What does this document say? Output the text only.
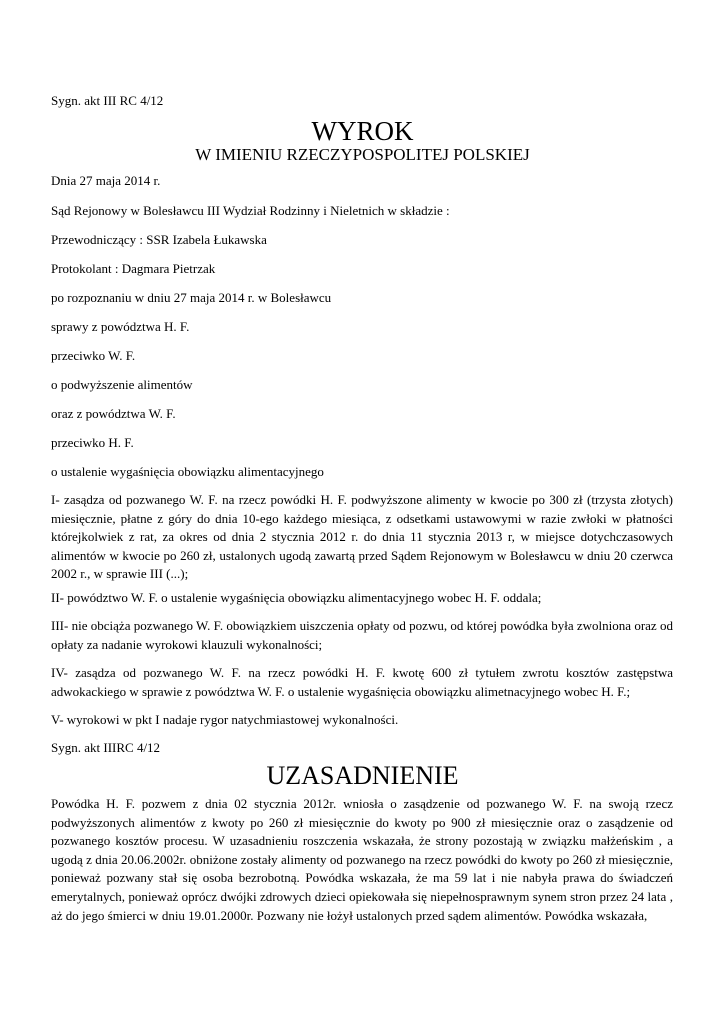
Sygn. akt III RC 4/12
WYROK
W IMIENIU RZECZYPOSPOLITEJ POLSKIEJ
Dnia 27 maja 2014 r.
Sąd Rejonowy w Bolesławcu III Wydział Rodzinny i Nieletnich w składzie :
Przewodniczący : SSR Izabela Łukawska
Protokolant : Dagmara Pietrzak
po rozpoznaniu w dniu 27 maja 2014 r. w Bolesławcu
sprawy z powództwa H. F.
przeciwko W. F.
o podwyższenie alimentów
oraz z powództwa W. F.
przeciwko H. F.
o ustalenie wygaśnięcia obowiązku alimentacyjnego
I- zasądza od pozwanego W. F. na rzecz powódki H. F. podwyższone alimenty w kwocie po 300 zł (trzysta złotych) miesięcznie, płatne z góry do dnia 10-ego każdego miesiąca, z odsetkami ustawowymi w razie zwłoki w płatności którejkolwiek z rat, za okres od dnia 2 stycznia 2012 r. do dnia 11 stycznia 2013 r, w miejsce dotychczasowych alimentów w kwocie po 260 zł, ustalonych ugodą zawartą przed Sądem Rejonowym w Bolesławcu w dniu 20 czerwca 2002 r., w sprawie III (...);
II- powództwo W. F. o ustalenie wygaśnięcia obowiązku alimentacyjnego wobec H. F. oddala;
III- nie obciąża pozwanego W. F. obowiązkiem uiszczenia opłaty od pozwu, od której powódka była zwolniona oraz od opłaty za nadanie wyrokowi klauzuli wykonalności;
IV- zasądza od pozwanego W. F. na rzecz powódki H. F. kwotę 600 zł tytułem zwrotu kosztów zastępstwa adwokackiego w sprawie z powództwa W. F. o ustalenie wygaśnięcia obowiązku alimetnacyjnego wobec H. F.;
V- wyrokowi w pkt I nadaje rygor natychmiastowej wykonalności.
Sygn. akt IIIRC 4/12
UZASADNIENIE
Powódka H. F. pozwem z dnia 02 stycznia 2012r. wniosła o zasądzenie od pozwanego W. F. na swoją rzecz podwyższonych alimentów z kwoty po 260 zł miesięcznie do kwoty po 900 zł miesięcznie oraz o zasądzenie od pozwanego kosztów procesu. W uzasadnieniu roszczenia wskazała, że strony pozostają w związku małżeńskim , a ugodą z dnia 20.06.2002r. obniżone zostały alimenty od pozwanego na rzecz powódki do kwoty po 260 zł miesięcznie, ponieważ pozwany stał się osoba bezrobotną. Powódka wskazała, że ma 59 lat i nie nabyła prawa do świadczeń emerytalnych, ponieważ oprócz dwójki zdrowych dzieci opiekowała się niepełnosprawnym synem stron przez 24 lata , aż do jego śmierci w dniu 19.01.2000r. Pozwany nie łożył ustalonych przed sądem alimentów. Powódka wskazała,
